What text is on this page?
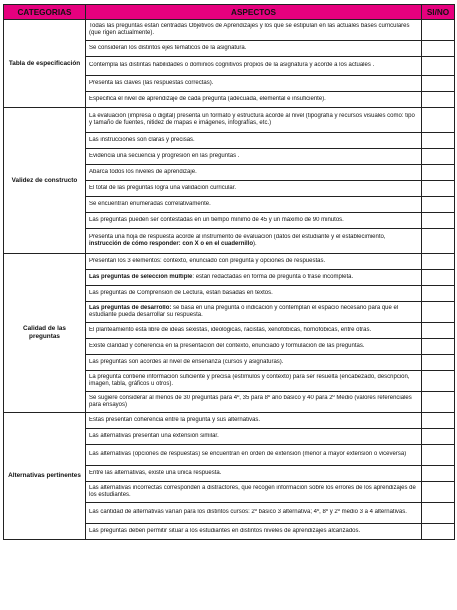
CATEGORIAS	ASPECTOS	SI/NO
Tabla de especificación	Todas las preguntas están centradas Objetivos de Aprendizajes y los que se estipulan en las actuales bases curriculares (que rigen actualmente).	

	Se consideran los distintos ejes temáticos de la asignatura.	

	Contempla las distintas habilidades o dominios cognitivos propios de la asignatura y acorde a los actuales .	

	Presenta las claves (las respuestas correctas).	

	Especifica el nivel de aprendizaje de cada pregunta (adecuada, elemental e insuficiente).	

Validez de constructo	La evaluación (impresa o digital) presenta un formato y estructura acorde al nivel (tipografía y recursos visuales como: tipo y tamaño de fuentes, nitidez de mapas e imágenes, infografías, etc.)	

	Las instrucciones son claras y precisas.	

	Evidencia una secuencia y progresión en las preguntas .	

	Abarca todos los niveles de aprendizaje.	

	El total de las preguntas logra una validación curricular.	

	Se encuentran enumeradas correlativamente.	

	Las preguntas pueden ser contestadas en un tiempo mínimo de 45 y un máximo de 90 minutos.	

	Presenta una hoja de respuesta acorde al instrumento de evaluación (datos del estudiante y el establecimiento, instrucción de cómo responder: con X o en el cuadernillo).	

Calidad de las preguntas	Presentan los 3 elementos: contexto, enunciado con pregunta y opciones de respuestas.	

	Las preguntas de selección múltiple: están redactadas en forma de pregunta o frase incompleta.	

	Las preguntas de Comprensión de Lectura, están basadas en textos.	

	Las preguntas de desarrollo: se basa en una pregunta o indicación y contemplan el espacio necesario para que el estudiante pueda desarrollar su respuesta.	

	El planteamiento está libre de ideas sexistas, ideológicas, racistas, xenofóbicas, homofóbicas, entre otras.	

	Existe claridad y coherencia en la presentación del contexto, enunciado y formulación de las preguntas.	

	Las preguntas son acordes al nivel de enseñanza (cursos y asignaturas).	

	La pregunta contiene información suficiente y precisa (estímulos y contexto) para ser resuelta (encabezado, descripción, imagen, tabla, gráficos u otros).	

	Se sugiere considerar al menos de 30 preguntas para 4º, 35 para 8º año básico y 40 para 2º Medio (valores referenciales para ensayos)	

Alternativas pertinentes	Estas presentan coherencia entre la pregunta y sus alternativas.	

	Las alternativas presentan una extensión similar.	

	Las alternativas (opciones de respuestas) se encuentran en orden de extensión (menor a mayor extensión o viceversa)	

	Entre las alternativas, existe una única respuesta.	

	Las alternativas incorrectas corresponden a distractores, que recogen información sobre los errores de los aprendizajes de los estudiantes.	

	Las cantidad de alternativas varían para los distintos cursos: 2º básico 3 alternativa; 4º, 8º y 2º medio 3 a 4 alternativas.	

	Las preguntas deben permitir situar a los estudiantes en distintos niveles de aprendizajes alcanzados.	
